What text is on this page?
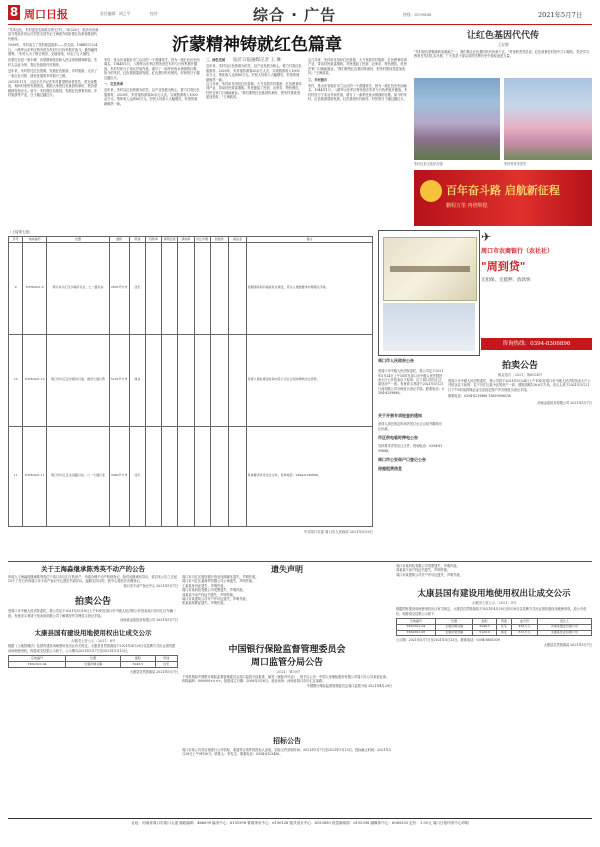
8 周口日报	责任编辑：胡之平	校对：	综合 · 广告	热线：6199888	2021年5月7日

"朱凤这色，朱村更显名副其实的'红'村。"4月20日，临沂市沂南县马牧池乡常山庄村党支部书记王海波介绍沂蒙红色革命基因代代相传。

1939年，朱村成立了党的基层组织——党支部。1944年1月24日，八路军山东军区特务营在朱村与日伪军展开战斗，最终赢得胜利。"朱村人为了保卫家园、支援前线，付出了巨大牺牲。"

沂蒙红色是一座丰碑，沂蒙精神是党和人民宝贵的精神财富。朱村人以此为荣，将红色基因代代相传。

近年来，朱村依托红色资源，发展红色旅游、乡村旅游，走出了一条红色引领、绿色发展的乡村振兴之路。

2015年11月，习近平总书记在朱村看望慰问老党员、老支前模范，询问村里的发展情况，勉励大家把红色基因传承好、把沂蒙精神发扬光大。如今，朱村借红色基因，发展红色教育培训、乡村旅游等产业，日子越过越红火。

沂蒙精神铸就红色篇章
临沂日报融媒记者 王 琳
朱村，是山东省临沂市兰山区的一个普通村庄，因为一段红色历史而闻名。1944年1月，八路军山东军区特务营在朱村与日伪军展开激战，朱村村民与子弟兵并肩作战，谱写了一曲军民鱼水情深的壮歌。如今的朱村，红色旅游蓬勃发展，红色基因代代相传，村民的日子越过越红火。
一、红色传承
近年来，朱村以红色资源为依托，以产业发展为核心，着力打造红色旅游村。2020年，朱村接待游客30余万人次，实现旅游收入1000余万元，集体收入达到80万元。村民人均收入大幅增长，村里的面貌焕然一新。
二、绿色发展
近年来，朱村以红色资源为依托，以产业发展为核心，着力打造红色旅游村。2020年，朱村接待游客30余万人次，实现旅游收入1000余万元，集体收入达到80万元。村民人均收入大幅增长，村里的面貌焕然一新。
这几年来，朱村用足用好红色资源，大力发展乡村旅游、红色教育培训产业，带动村民致富增收。村里建起了民宿、农家乐、特色餐饮，村民在家门口就能就业。"我们要把红色基因传承好，把朱村建设得更加美好。"王海波说。
这几年来，朱村用足用好红色资源，大力发展乡村旅游、红色教育培训产业，带动村民致富增收。村里建起了民宿、农家乐、特色餐饮，村民在家门口就能就业。"我们要把红色基因传承好，把朱村建设得更加美好。"王海波说。
三、乡村振兴
朱村，是山东省临沂市兰山区的一个普通村庄，因为一段红色历史而闻名。1944年1月，八路军山东军区特务营在朱村与日伪军展开激战，朱村村民与子弟兵并肩作战，谱写了一曲军民鱼水情深的壮歌。如今的朱村，红色旅游蓬勃发展，红色基因代代相传，村民的日子越过越红火。
让红色基因代代传
王安德
"朱村是沂蒙精神的发源地之一，我们要让红色基因代代传承下去。"村里的老党员说。红色故事在村民中口口相传，党史学习教育在朱村扎实开展，广大党员干部从党的光辉历史中汲取奋进力量。
朱村红色文化纪念馆	朱村村民学党史
百年奋斗路 启航新征程
鹏程万里 再创辉煌
（上接第七版）
序号	地块编号	位置	面积	用途	容积率	建筑密度	绿地率	出让年限	起始价	保证金	备注
9	DYH2021-9	周口市川汇区沙颍河以北、七一路以东	2835平方米	住宅							依据国家和河南省有关规定，竞买人须按要求办理相关手续。
10	DYH2021-10	周口市川汇区沙颍河以南、建设大道以西	5120平方米	商业							竞得人须在规定时间内签订出让合同并缴纳出让价款。
11	DYH2021-11	周口市川汇区太昊路以东、八一大道以北	3360平方米	住宅							具体要求详见出让文件，咨询电话：0394-8199888。
中共周口市委 周口市人民政府 2021年5月6日
✈
周口市农商银行（农社社）
"周到贷"
无担保、无抵押、放款快
咨询热线：0394-8306896
周口市人民政府公告
受周口市中级人民法院委托，我公司定于2021年5月24日上午10时在周口市中级人民法院拍卖大厅公开拍卖以下标的：位于周口市川汇区某处房产一套。有意竞买者请于2021年5月21日前到我公司办理竞买登记手续。联系电话：0394-8259888。
关于开展专项检查的通知
竞得人须在规定时间内签订出让合同并缴纳出让价款。
市区供电临时停电公告
具体要求详见出让文件，咨询电话：0394-8199888。
周口市公安局户口登记公告
房屋租赁信息
拍卖公告
豫金拍告〔2021〕第6024号
受周口市中级人民法院委托，我公司将于2021年5月24日上午10时在周口市中级人民法院拍卖大厅公开拍卖以下标的：位于川汇区某小区的房产一套，建筑面积128.6平方米。竞买人须于2021年5月21日下午5时前将保证金交至指定账户并办理竞买登记手续。
联系电话：0394-8219888 13839996558
河南金盾拍卖有限公司 2021年5月7日
关于王海淼继承陈秀英不动产的公告
申请人王海淼因继承陈秀英位于周口市川汇区的房产，申请办理不动产转移登记。如对此继承有异议，请自本公告之日起15个工作日内向周口市不动产登记中心提出书面异议。逾期无异议的，我中心将依法办理登记。
周口市不动产登记中心 2021年5月7日
拍卖公告
受周口市中级人民法院委托，我公司定于2021年5月18日上午10时在周口市中级人民法院公开拍卖周口市川汇区车辆一批。有意竞买者请于拍卖前到我公司了解情况并办理竞买登记手续。
河南省金盾拍卖有限公司 2021年5月7日
太康县国有建设用地使用权出让成交公示
太康国土资公示〔2021〕8号
根据《土地管理法》及国有建设用地使用权出让有关规定，太康县自然资源局于2021年4月29日以挂牌方式出让国有建设用地使用权，现将成交结果公示如下。公示期为2021年5月7日至2021年5月13日。
宗地编号	位置	面积	用途
TKS2021-04	太康县城关镇	3248.5	住宅
太康县自然资源局 2021年5月7日
遗失声明
周口市川汇区建设银行营业执照副本遗失，声明作废。
周口市川汇区某商贸有限公司公章遗失，声明作废。
王某某身份证遗失，声明作废。
周口市某科技有限公司发票遗失，声明作废。
刘某某不动产权证书遗失，声明作废。
周口市某建筑公司开户许可证遗失，声明作废。
张某某驾驶证遗失，声明作废。
中国银行保险监督管理委员会
周口监管分局公告
〔2021〕第30号
下列机构经中国银行保险监督管理委员会周口监管分局批准，换发《保险许可证》，现予以公告：中国人寿保险股份有限公司周口分公司某营业部。机构编码：000000××××。批准成立日期：2008年3月6日。营业场所：河南省周口市川汇区某路。
中国银行保险监督管理委员会周口监管分局 2021年4月29日
招标公告
周口市某公共项目现进行公开招标，欢迎符合条件的投标人参加。招标文件获取时间：2021年5月7日至2021年5月13日。投标截止时间：2021年5月28日上午9时30分。联系人：李先生；联系电话：0394-8123456。
周口市某科技有限公司发票遗失，声明作废。
刘某某不动产权证书遗失，声明作废。
周口市某建筑公司开户许可证遗失，声明作废。
太康县国有建设用地使用权出让成交公示
太康国土资公示〔2021〕9号
根据国有建设用地使用权出让有关规定，太康县自然资源局于2021年4月29日至5月6日以挂牌方式出让国有建设用地使用权，经公开竞价，现将成交结果公示如下：
宗地编号	位置	面积	用途	成交价	受让人
TKS2021-04	太康县城关镇	3248.5	住宅	428万元	河南某置业有限公司
TKS2021-05	太康县常营镇	5120.0	商业	612万元	太康某实业有限公司
公示期：2021年5月7日至2021年5月13日。联系电话：0394-6851039
太康县自然资源局 2021年5月7日
社址：河南省周口市周口大道 邮政编码：466099 编务中心：6191998 要闻采访中心：6190126 版式设计中心：6193890 视觉新闻部：6195398 融媒体中心：6069353 定价：1.50元 周口日报印务中心印刷
